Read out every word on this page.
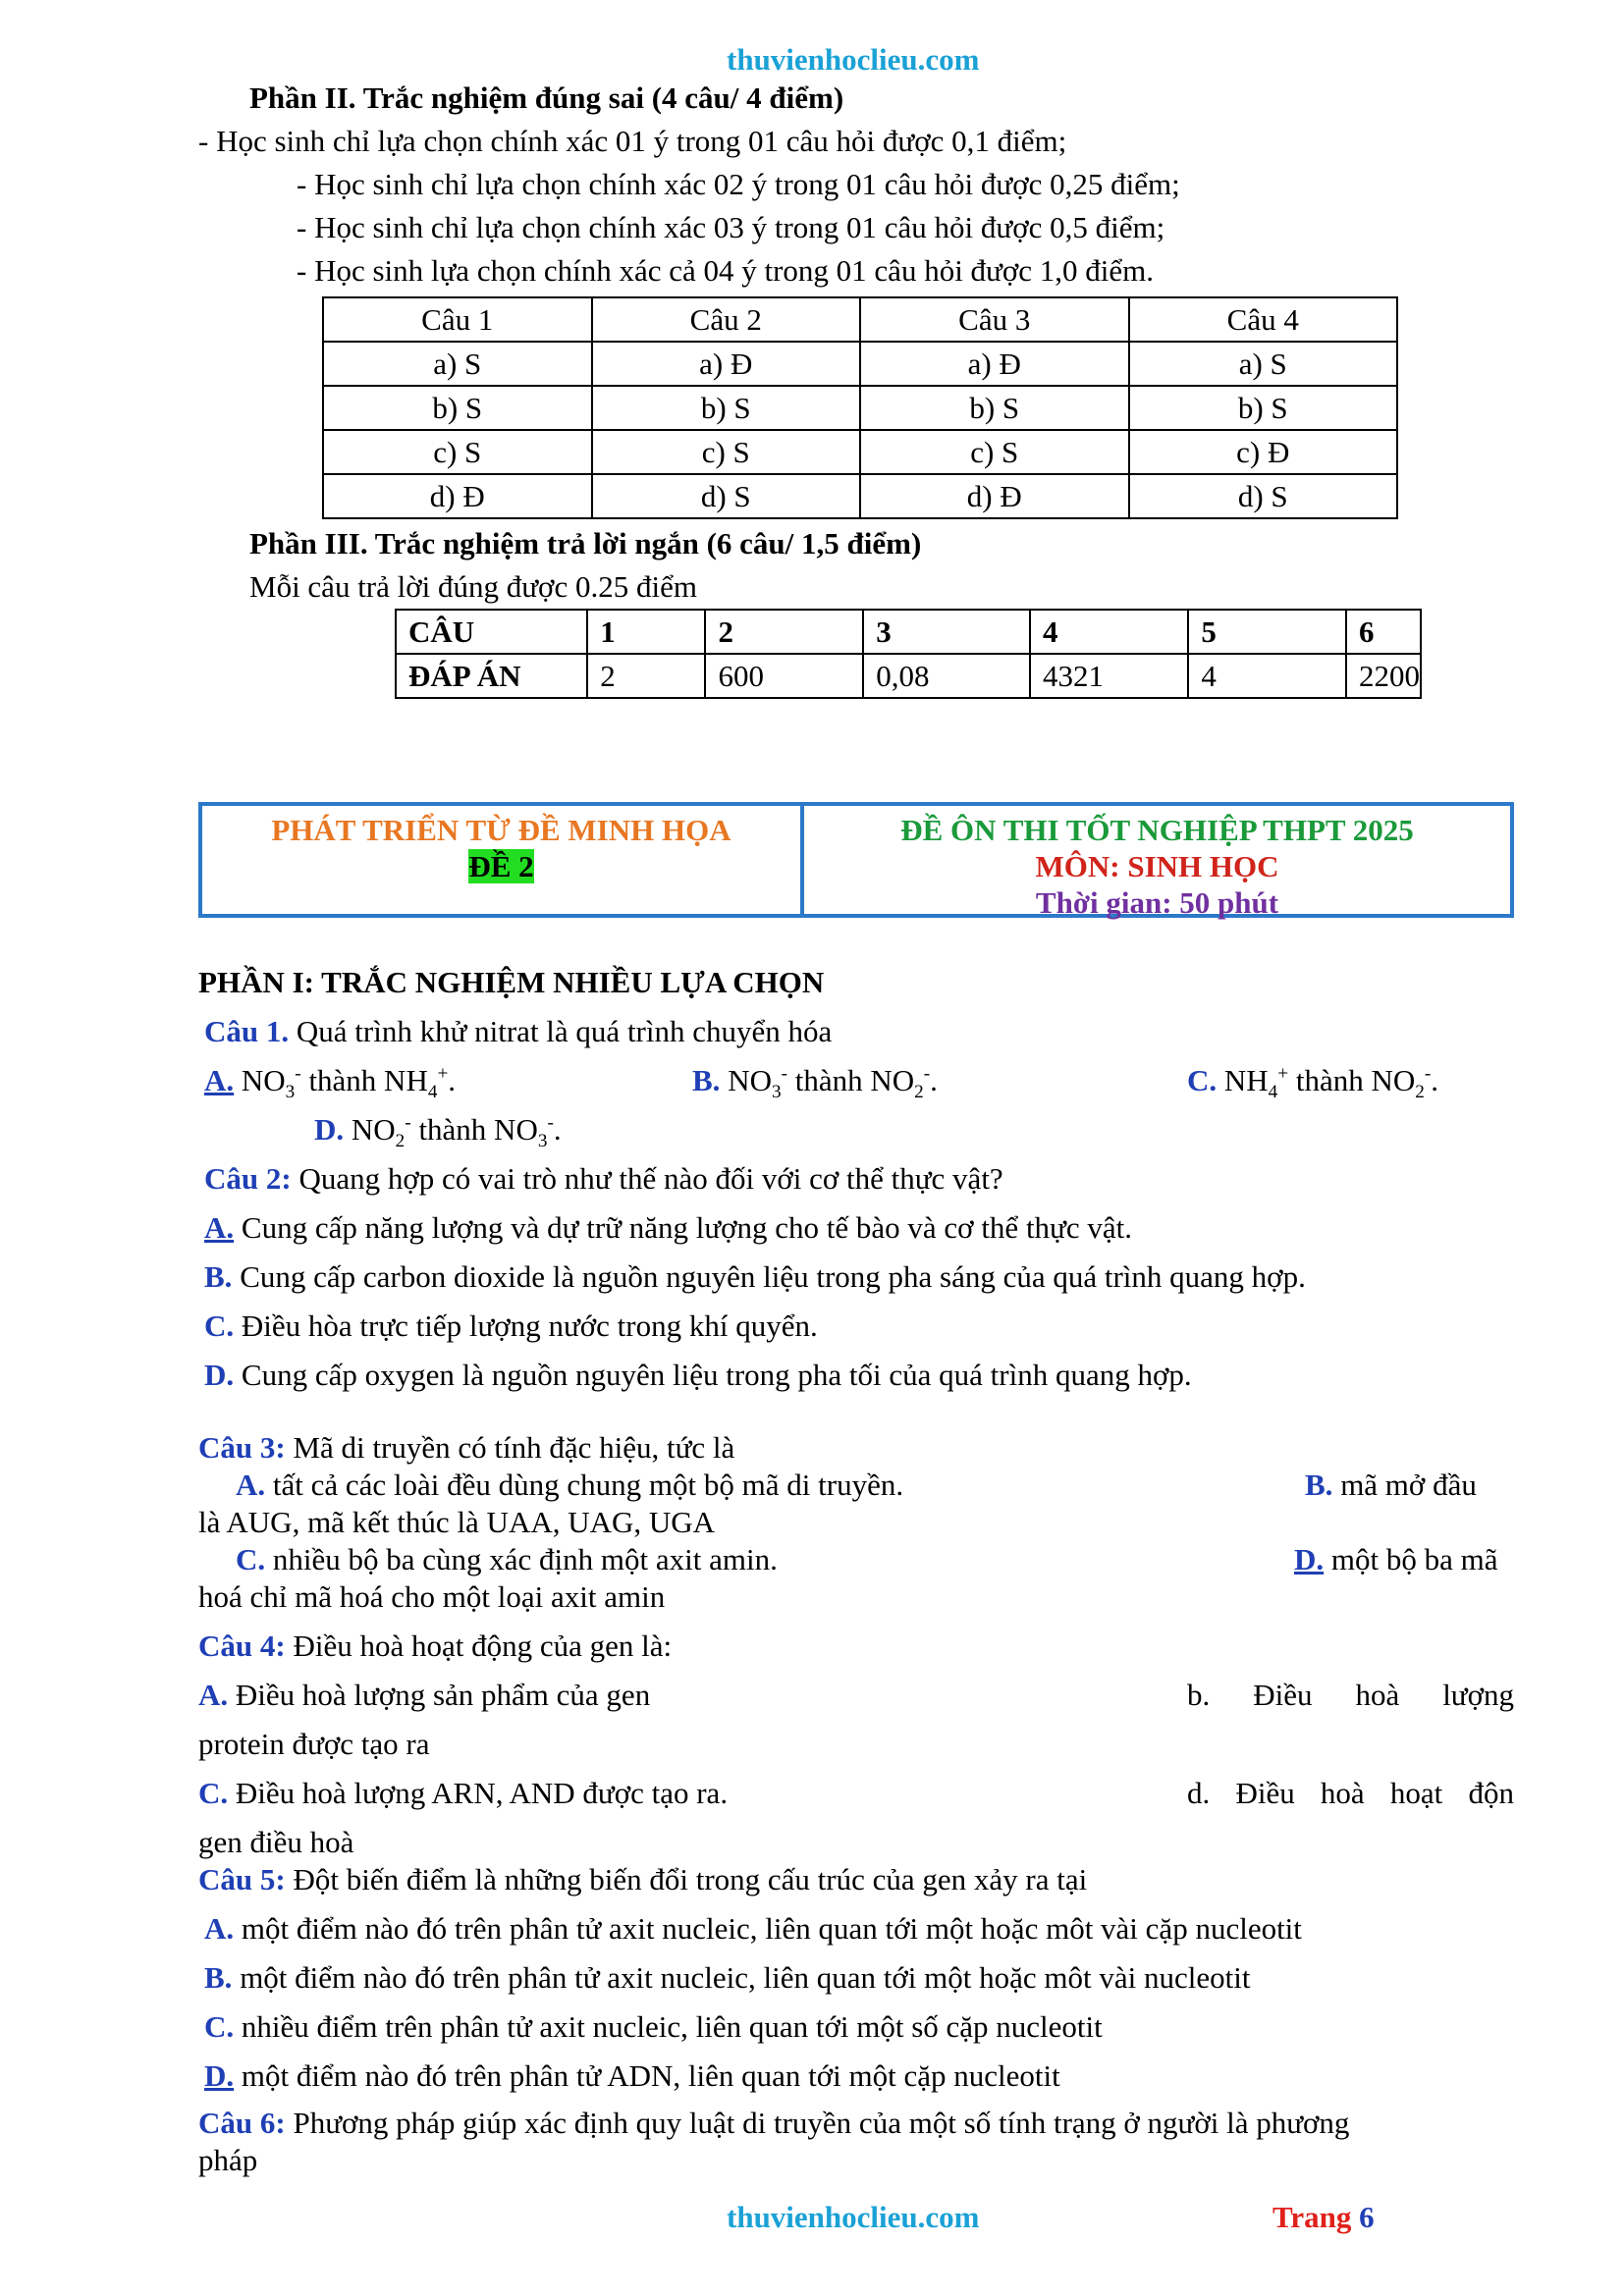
thuvienhoclieu.com
Phần II. Trắc nghiệm đúng sai (4 câu/ 4 điểm)
- Học sinh chỉ lựa chọn chính xác 01 ý trong 01 câu hỏi được 0,1 điểm;
- Học sinh chỉ lựa chọn chính xác 02 ý trong 01 câu hỏi được 0,25 điểm;
- Học sinh chỉ lựa chọn chính xác 03 ý trong 01 câu hỏi được 0,5 điểm;
- Học sinh lựa chọn chính xác cả 04 ý trong 01 câu hỏi được 1,0 điểm.
Câu 1	Câu 2	Câu 3	Câu 4
a) S	a) Đ	a) Đ	a) S
b) S	b) S	b) S	b) S
c) S	c) S	c) S	c) Đ
d) Đ	d) S	d) Đ	d) S
Phần III. Trắc nghiệm trả lời ngắn (6 câu/ 1,5 điểm)
Mỗi câu trả lời đúng được 0.25 điểm
CÂU	1	2	3	4	5	6
ĐÁP ÁN	2	600	0,08	4321	4	2200
PHÁT TRIỂN TỪ ĐỀ MINH HỌA
ĐỀ 2
ĐỀ ÔN THI TỐT NGHIỆP THPT 2025
MÔN: SINH HỌC
Thời gian: 50 phút
PHẦN I: TRẮC NGHIỆM NHIỀU LỰA CHỌN
Câu 1. Quá trình khử nitrat là quá trình chuyển hóa
A. $NO_3^-$ thành $NH_4^+$.	B. $NO_3^-$ thành $NO_2^-$.	C. $NH_4^+$ thành $NO_2^-$.
D. $NO_2^-$ thành $NO_3^-$.
Câu 2: Quang hợp có vai trò như thế nào đối với cơ thể thực vật?
A. Cung cấp năng lượng và dự trữ năng lượng cho tế bào và cơ thể thực vật.
B. Cung cấp carbon dioxide là nguồn nguyên liệu trong pha sáng của quá trình quang hợp.
C. Điều hòa trực tiếp lượng nước trong khí quyển.
D. Cung cấp oxygen là nguồn nguyên liệu trong pha tối của quá trình quang hợp.
Câu 3: Mã di truyền có tính đặc hiệu, tức là
A. tất cả các loài đều dùng chung một bộ mã di truyền.	B. mã mở đầu
là AUG, mã kết thúc là UAA, UAG, UGA
C. nhiều bộ ba cùng xác định một axit amin.	D. một bộ ba mã
hoá chỉ mã hoá cho một loại axit amin
Câu 4: Điều hoà hoạt động của gen là:
A. Điều hoà lượng sản phẩm của gen	b. Điều hoà lượng
protein được tạo ra
C. Điều hoà lượng ARN, AND được tạo ra.	d. Điều hoà hoạt độn
gen điều hoà
Câu 5: Đột biến điểm là những biến đổi trong cấu trúc của gen xảy ra tại
A. một điểm nào đó trên phân tử axit nucleic, liên quan tới một hoặc môt vài cặp nucleotit
B. một điểm nào đó trên phân tử axit nucleic, liên quan tới một hoặc môt vài nucleotit
C. nhiều điểm trên phân tử axit nucleic, liên quan tới một số cặp nucleotit
D. một điểm nào đó trên phân tử ADN, liên quan tới một cặp nucleotit
Câu 6: Phương pháp giúp xác định quy luật di truyền của một số tính trạng ở người là phương
pháp
thuvienhoclieu.com	Trang 6
